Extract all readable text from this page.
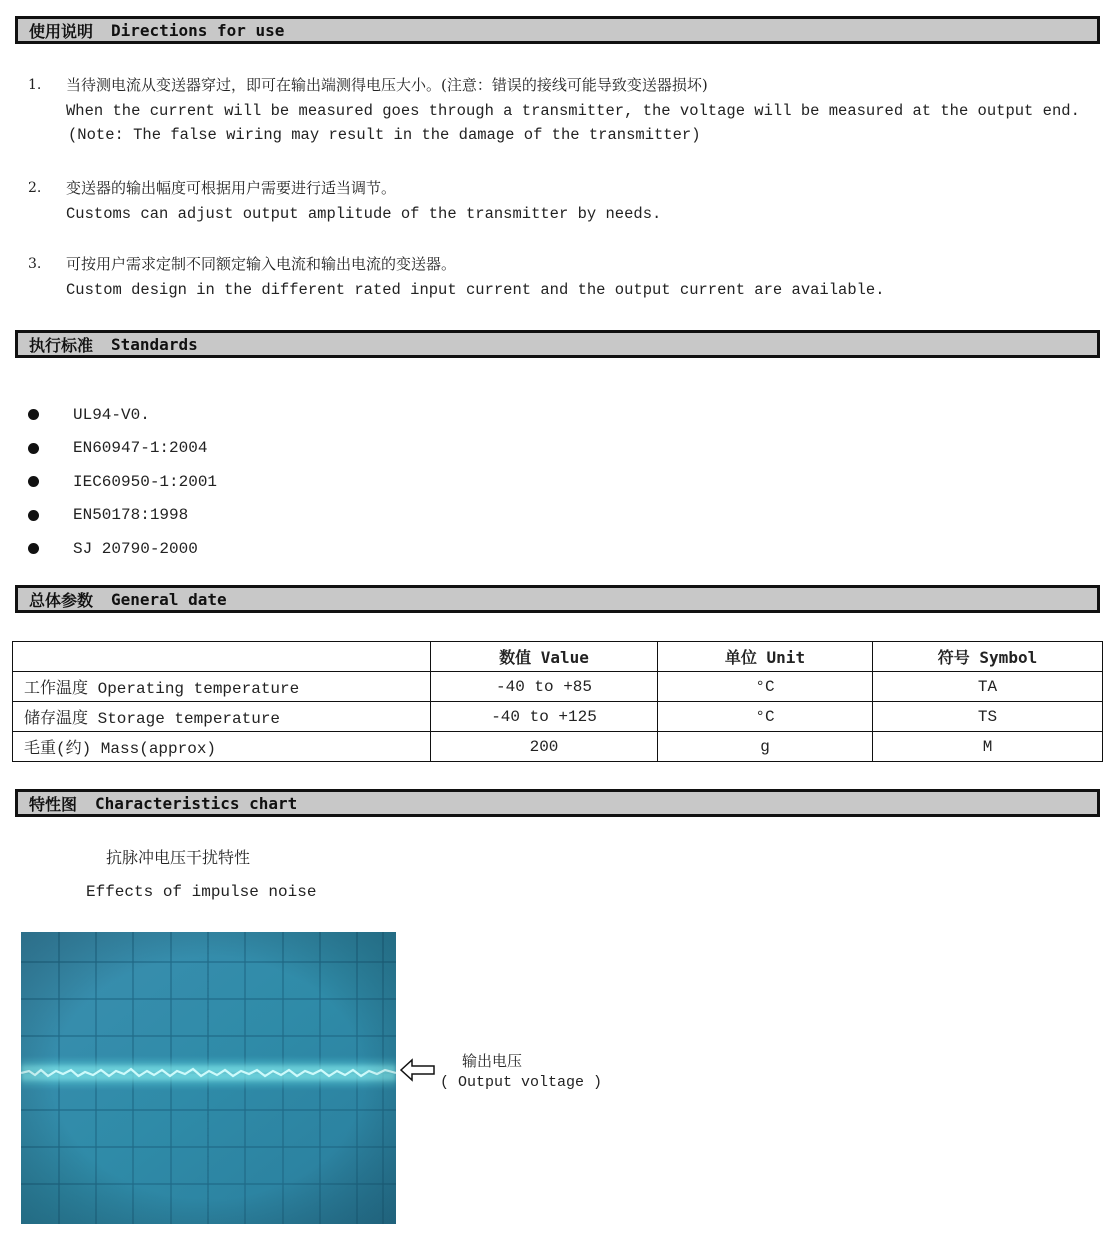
使用说明 Directions for use
1. 当待测电流从变送器穿过，即可在输出端测得电压大小。(注意：错误的接线可能导致变送器损坏)
When the current will be measured goes through a transmitter, the voltage will be measured at the output end.
(Note: The false wiring may result in the damage of the transmitter)
2. 变送器的输出幅度可根据用户需要进行适当调节。
Customs can adjust output amplitude of the transmitter by needs.
3. 可按用户需求定制不同额定输入电流和输出电流的变送器。
Custom design in the different rated input current and the output current are available.
执行标准 Standards
UL94-V0.
EN60947-1:2004
IEC60950-1:2001
EN50178:1998
SJ 20790-2000
总体参数 General date
	数值 Value	单位 Unit	符号 Symbol
工作温度 Operating temperature	-40 to +85	°C	TA
储存温度 Storage temperature	-40 to +125	°C	TS
毛重(约) Mass(approx)	200	g	M
特性图 Characteristics chart
抗脉冲电压干扰特性
Effects of impulse noise
输出电压
( Output voltage )
